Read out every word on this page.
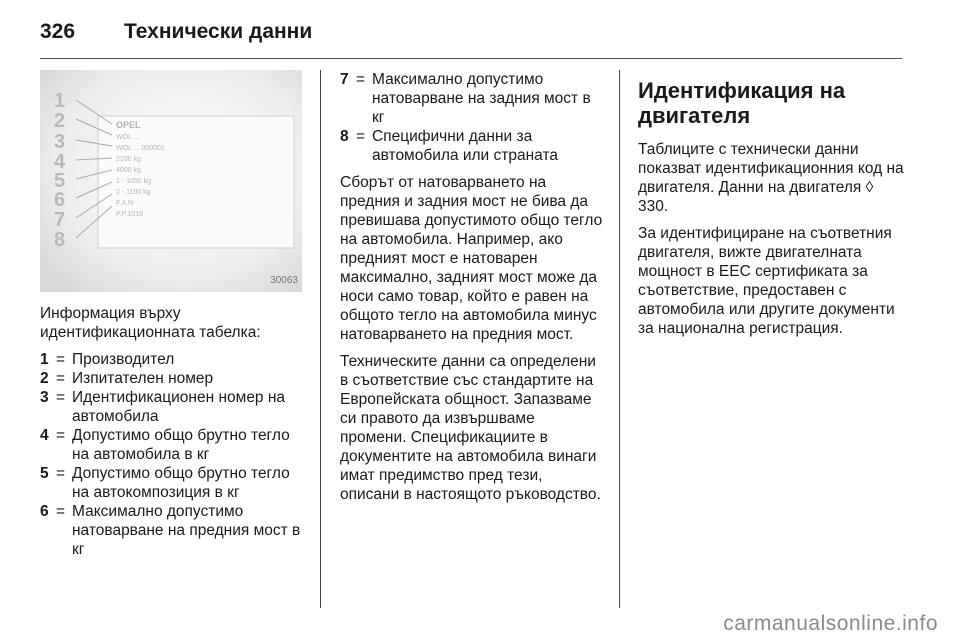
326 Технически данни
1
2
3
4
5
6
7
8
OPEL
WOL ...
WOL ... 000001
2100 kg
4000 kg
1 - 1050 kg
2 - 1100 kg
F.A.N
P.P.1016
30063

Информация върху идентификационната табелка:

1 = Производител
2 = Изпитателен номер
3 = Идентификационен номер на автомобила
4 = Допустимо общо брутно тегло на автомобила в кг
5 = Допустимо общо брутно тегло на автокомпозиция в кг
6 = Максимално допустимо натоварване на предния мост в кг
7 = Максимално допустимо натоварване на задния мост в кг
8 = Специфични данни за автомобила или страната

Сборът от натоварването на предния и задния мост не бива да превишава допустимото общо тегло на автомобила. Например, ако предният мост е натоварен максимално, задният мост може да носи само товар, който е равен на общото тегло на автомобила минус натоварването на предния мост.

Техническите данни са определени в съответствие със стандартите на Европейската общност. Запазваме си правото да извършваме промени. Спецификациите в документите на автомобила винаги имат предимство пред тези, описани в настоящото ръководство.

Идентификация на двигателя

Таблиците с технически данни показват идентификационния код на двигателя. Данни на двигателя ◊ 330.

За идентифициране на съответния двигателя, вижте двигателната мощност в ЕЕС сертификата за съответствие, предоставен с автомобила или другите документи за национална регистрация.

carmanualsonline.info
